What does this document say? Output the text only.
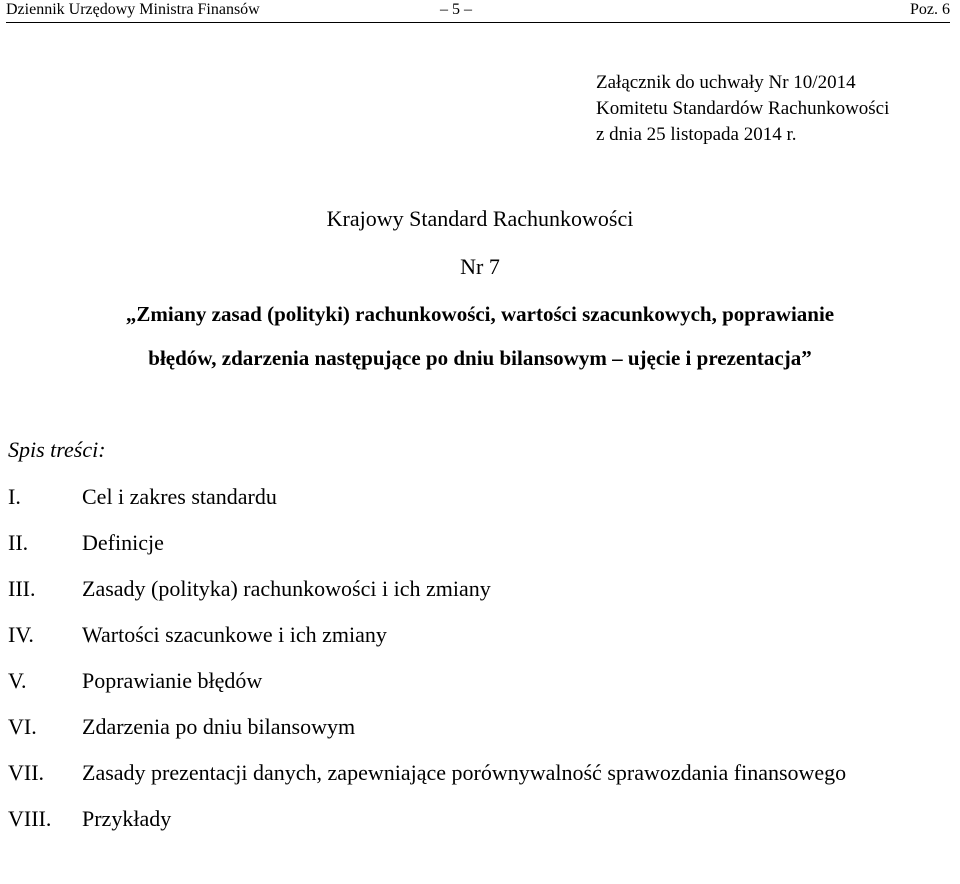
Dziennik Urzędowy Ministra Finansów	– 5 –	Poz. 6
Załącznik do uchwały Nr 10/2014
Komitetu Standardów Rachunkowości
z dnia 25 listopada 2014 r.
Krajowy Standard Rachunkowości
Nr 7
„Zmiany zasad (polityki) rachunkowości, wartości szacunkowych, poprawianie
błędów, zdarzenia następujące po dniu bilansowym – ujęcie i prezentacja”
Spis treści:
I.	Cel i zakres standardu
II. Definicje
III. Zasady (polityka) rachunkowości i ich zmiany
IV. Wartości szacunkowe i ich zmiany
V.	Poprawianie błędów
VI. Zdarzenia po dniu bilansowym
VII. Zasady prezentacji danych, zapewniające porównywalność sprawozdania finansowego
VIII. Przykłady
